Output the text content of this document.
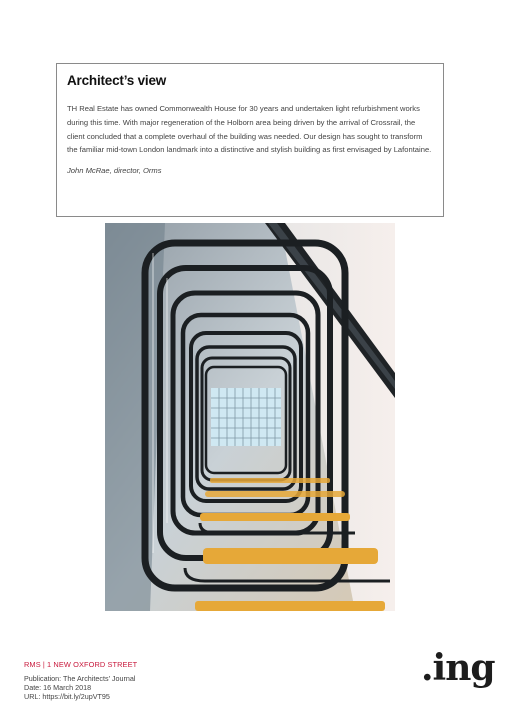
Architect’s view

TH Real Estate has owned Commonwealth House for 30 years and undertaken light refurbishment works during this time. With major regeneration of the Holborn area being driven by the arrival of Crossrail, the client concluded that a complete overhaul of the building was needed. Our design has sought to transform the familiar mid-town London landmark into a distinctive and stylish building as first envisaged by Lafontaine.

John McRae, director, Orms

RMS | 1 NEW OXFORD STREET
Publication: The Architects' Journal
Date: 16 March 2018
URL: https://bit.ly/2upVT95
.ing
